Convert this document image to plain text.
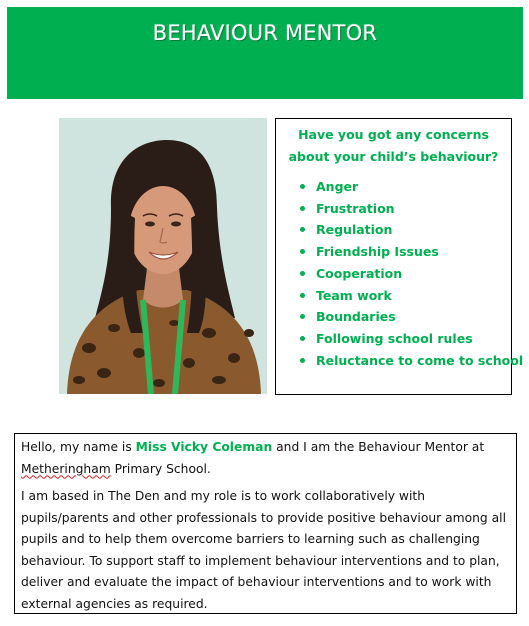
BEHAVIOUR MENTOR
Have you got any concerns about your child’s behaviour?
Anger
Frustration
Regulation
Friendship Issues
Cooperation
Team work
Boundaries
Following school rules
Reluctance to come to school

Hello, my name is Miss Vicky Coleman and I am the Behaviour Mentor at Metheringham Primary School.

I am based in The Den and my role is to work collaboratively with pupils/parents and other professionals to provide positive behaviour among all pupils and to help them overcome barriers to learning such as challenging behaviour. To support staff to implement behaviour interventions and to plan, deliver and evaluate the impact of behaviour interventions and to work with external agencies as required.
